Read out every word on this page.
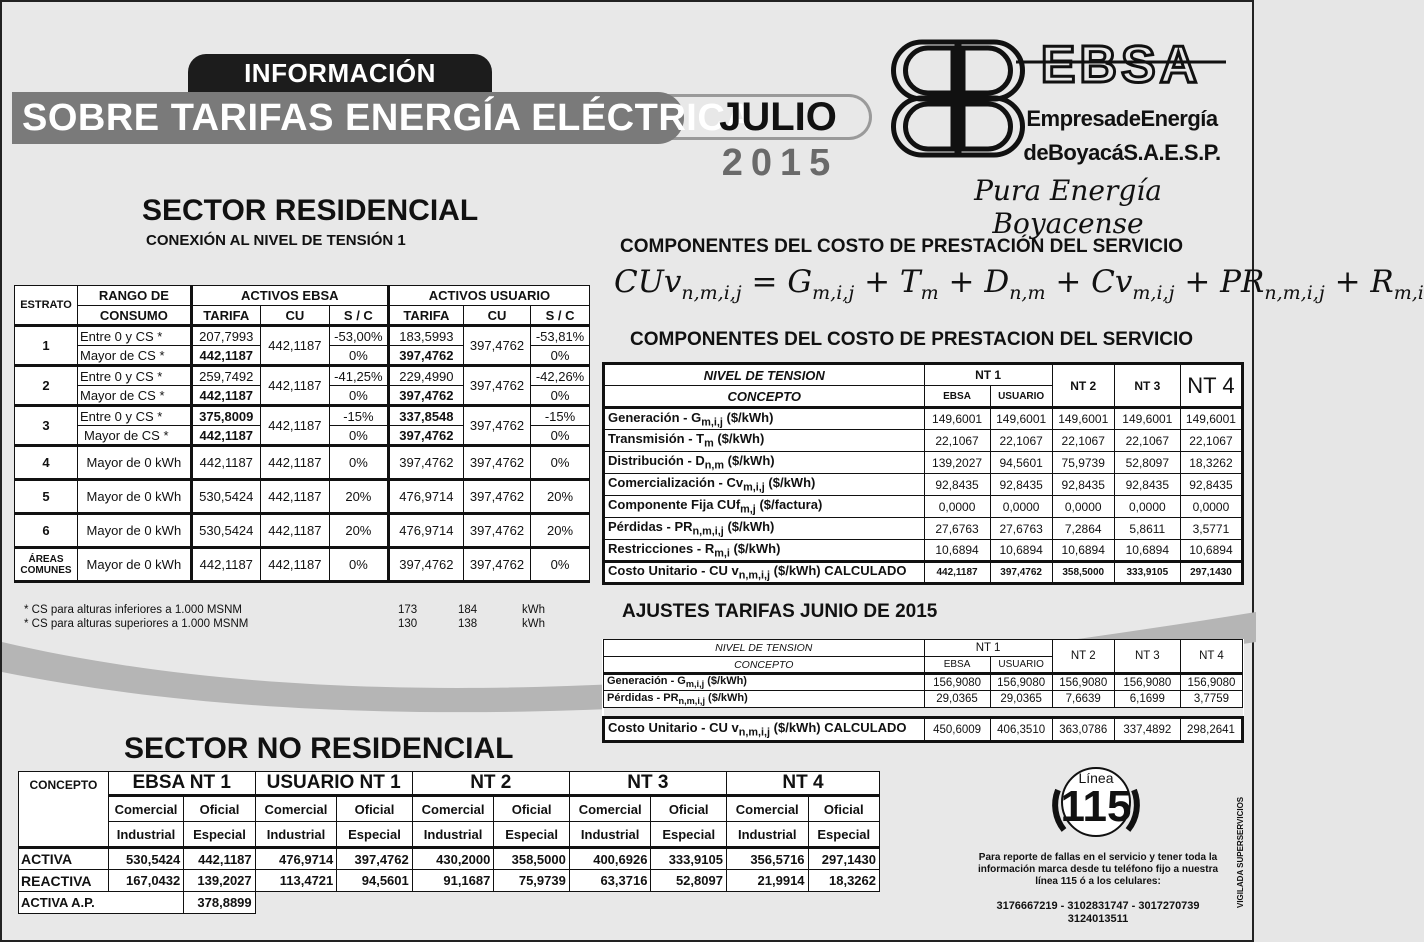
INFORMACIÓN
SOBRE TARIFAS ENERGÍA ELÉCTRICA
JULIO
2015
EBSA
EmpresadeEnergía
deBoyacáS.A.E.S.P.
Pura Energía Boyacense
SECTOR RESIDENCIAL
CONEXIÓN AL NIVEL DE TENSIÓN 1
ESTRATO	RANGO DE	ACTIVOS EBSA			ACTIVOS USUARIO		
	CONSUMO	TARIFA	CU	S / C	TARIFA	CU	S / C
1	Entre 0 y CS *	207,7993	442,1187	-53,00%	183,5993	397,4762	-53,81%
	Mayor de CS *	442,1187		0%	397,4762		0%
2	Entre 0 y CS *	259,7492	442,1187	-41,25%	229,4990	397,4762	-42,26%
	Mayor de CS *	442,1187		0%	397,4762		0%
3	Entre 0 y CS *	375,8009	442,1187	-15%	337,8548	397,4762	-15%
	Mayor de CS *	442,1187		0%	397,4762		0%
4	Mayor de 0 kWh	442,1187	442,1187	0%	397,4762	397,4762	0%
5	Mayor de 0 kWh	530,5424	442,1187	20%	476,9714	397,4762	20%
6	Mayor de 0 kWh	530,5424	442,1187	20%	476,9714	397,4762	20%
ÁREAS COMUNES	Mayor de 0 kWh	442,1187	442,1187	0%	397,4762	397,4762	0%
* CS para alturas inferiores a 1.000 MSNM	173	184	kWh
* CS para alturas superiores a 1.000 MSNM	130	138	kWh
COMPONENTES DEL COSTO DE PRESTACIÓN DEL SERVICIO
$CUv_{n,m,i,j} = G_{m,i,j} + T_m + D_{n,m} + Cv_{m,i,j} + PR_{n,m,i,j} + R_{m,i}$
COMPONENTES DEL COSTO DE PRESTACION DEL SERVICIO
NIVEL DE TENSION	NT 1		NT 2	NT 3	NT 4
CONCEPTO	EBSA	USUARIO			
Generación - $G_{m,i,j}$ ($/kWh)	149,6001	149,6001	149,6001	149,6001	149,6001
Transmisión - $T_m$ ($/kWh)	22,1067	22,1067	22,1067	22,1067	22,1067
Distribución - $D_{n,m}$ ($/kWh)	139,2027	94,5601	75,9739	52,8097	18,3262
Comercialización - $Cv_{m,i,j}$ ($/kWh)	92,8435	92,8435	92,8435	92,8435	92,8435
Componente Fija CUf$_{m,j}$ ($/factura)	0,0000	0,0000	0,0000	0,0000	0,0000
Pérdidas - $PR_{n,m,i,j}$ ($/kWh)	27,6763	27,6763	7,2864	5,8611	3,5771
Restricciones - $R_{m,i}$ ($/kWh)	10,6894	10,6894	10,6894	10,6894	10,6894
Costo Unitario - CU $v_{n,m,i,j}$ ($/kWh) CALCULADO	442,1187	397,4762	358,5000	333,9105	297,1430
AJUSTES TARIFAS JUNIO DE 2015
NIVEL DE TENSION	NT 1		NT 2	NT 3	NT 4
CONCEPTO	EBSA	USUARIO			
Generación - $G_{m,i,j}$ ($/kWh)	156,9080	156,9080	156,9080	156,9080	156,9080
Pérdidas - $PR_{n,m,i,j}$ ($/kWh)	29,0365	29,0365	7,6639	6,1699	3,7759

Costo Unitario - CU $v_{n,m,i,j}$ ($/kWh) CALCULADO	450,6009	406,3510	363,0786	337,4892	298,2641
SECTOR NO RESIDENCIAL
CONCEPTO	EBSA NT 1		USUARIO NT 1		NT 2		NT 3		NT 4	
	Comercial	Oficial	Comercial	Oficial	Comercial	Oficial	Comercial	Oficial	Comercial	Oficial
	Industrial	Especial	Industrial	Especial	Industrial	Especial	Industrial	Especial	Industrial	Especial
ACTIVA	530,5424	442,1187	476,9714	397,4762	430,2000	358,5000	400,6926	333,9105	356,5716	297,1430
REACTIVA	167,0432	139,2027	113,4721	94,5601	91,1687	75,9739	63,3716	52,8097	21,9914	18,3262
ACTIVA A.P.		378,8899								
Línea
115
Para reporte de fallas en el servicio y tener toda la información marca desde tu teléfono fijo a nuestra línea 115 ó a los celulares:
3176667219 - 3102831747 - 3017270739 3124013511
VIGILADA SUPERSERVICIOS
